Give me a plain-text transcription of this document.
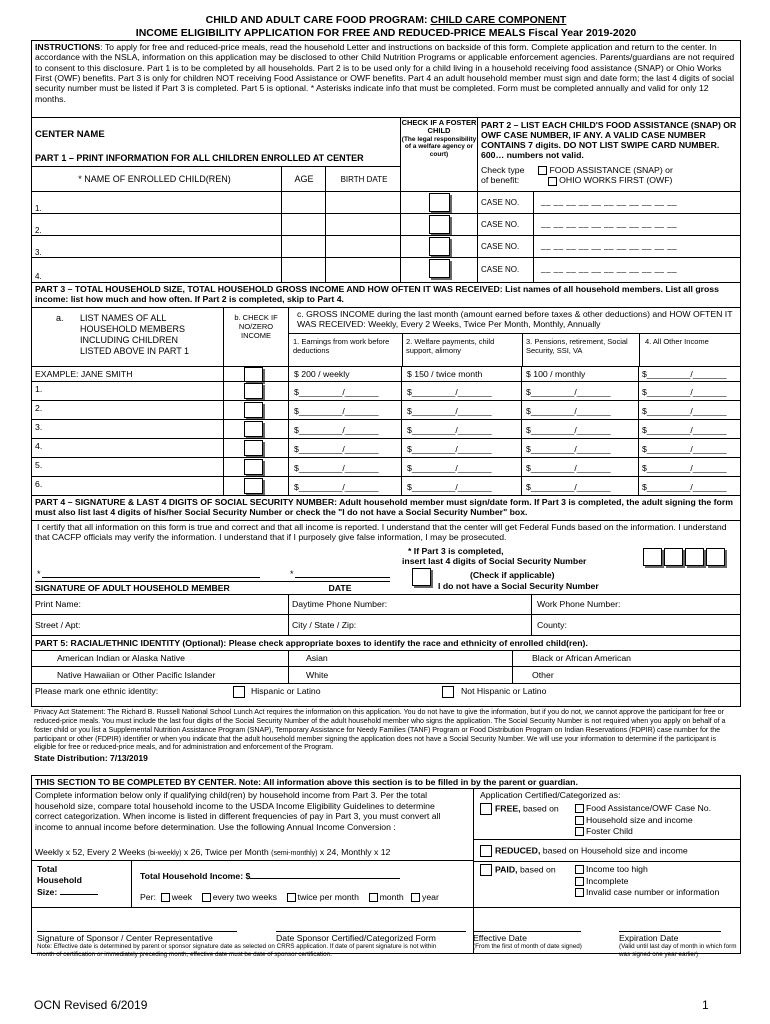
CHILD AND ADULT CARE FOOD PROGRAM: CHILD CARE COMPONENT
INCOME ELIGIBILITY APPLICATION FOR FREE AND REDUCED-PRICE MEALS Fiscal Year 2019-2020
INSTRUCTIONS: To apply for free and reduced-price meals, read the household Letter and instructions on backside of this form. Complete application and return to the center. In accordance with the NSLA, information on this application may be disclosed to other Child Nutrition Programs or applicable enforcement agencies. Parents/guardians are not required to consent to this disclosure. Part 1 is to be completed by all households. Part 2 is to be used only for a child living in a household receiving food assistance (SNAP) or Ohio Works First (OWF) benefits. Part 3 is only for children NOT receiving Food Assistance or OWF benefits. Part 4 an adult household member must sign and date form; the last 4 digits of social security number must be listed if Part 3 is completed. Part 5 is optional. * Asterisks indicate info that must be completed. Form must be completed annually and valid for only 12 months.
CENTER NAME
PART 1 – PRINT INFORMATION FOR ALL CHILDREN ENROLLED AT CENTER
* NAME OF ENROLLED CHILD(REN)	AGE	BIRTH DATE
1.
2.
3.
4.
CHECK IF A FOSTER CHILD
(The legal responsibility of a welfare agency or court)
PART 2 – LIST EACH CHILD'S FOOD ASSISTANCE (SNAP) OR OWF CASE NUMBER, IF ANY. A VALID CASE NUMBER CONTAINS 7 digits. DO NOT LIST SWIPE CARD NUMBER. 600… numbers not valid.
Check type	FOOD ASSISTANCE (SNAP) or
of benefit:	OHIO WORKS FIRST (OWF)
CASE NO.	__ __ __ __ __ __ __ __ __ __ __
CASE NO.	__ __ __ __ __ __ __ __ __ __ __
CASE NO.	__ __ __ __ __ __ __ __ __ __ __
CASE NO.	__ __ __ __ __ __ __ __ __ __ __
PART 3 – TOTAL HOUSEHOLD SIZE, TOTAL HOUSEHOLD GROSS INCOME AND HOW OFTEN IT WAS RECEIVED: List names of all household members. List all gross income: list how much and how often. If Part 2 is completed, skip to Part 4.
a. LIST NAMES OF ALL HOUSEHOLD MEMBERS INCLUDING CHILDREN LISTED ABOVE IN PART 1
b. CHECK IF NO/ZERO INCOME
c. GROSS INCOME during the last month (amount earned before taxes & other deductions) and HOW OFTEN IT WAS RECEIVED: Weekly, Every 2 Weeks, Twice Per Month, Monthly, Annually
1. Earnings from work before deductions
2. Welfare payments, child support, alimony
3. Pensions, retirement, Social Security, SSI, VA
4. All Other Income
EXAMPLE: JANE SMITH	$ 200 / weekly	$ 150 / twice month	$ 100 / monthly	$_________/_______
1.	$_________/_______	$_________/_______	$_________/_______	$_________/_______
2.	$_________/_______	$_________/_______	$_________/_______	$_________/_______
3.	$_________/_______	$_________/_______	$_________/_______	$_________/_______
4.	$_________/_______	$_________/_______	$_________/_______	$_________/_______
5.	$_________/_______	$_________/_______	$_________/_______	$_________/_______
6.	$_________/_______	$_________/_______	$_________/_______	$_________/_______
PART 4 – SIGNATURE & LAST 4 DIGITS OF SOCIAL SECURITY NUMBER: Adult household member must sign/date form. If Part 3 is completed, the adult signing the form must also list last 4 digits of his/her Social Security Number or check the "I do not have a Social Security Number" box.
I certify that all information on this form is true and correct and that all income is reported. I understand that the center will get Federal Funds based on the information. I understand that CACFP officials may verify the information. I understand that if I purposely give false information, I may be prosecuted.
* If Part 3 is completed,
insert last 4 digits of Social Security Number
*	*
SIGNATURE OF ADULT HOUSEHOLD MEMBER	DATE
(Check if applicable)
I do not have a Social Security Number
Print Name:	Daytime Phone Number:	Work Phone Number:
Street / Apt:	City / State / Zip:	County:
PART 5: RACIAL/ETHNIC IDENTITY (Optional): Please check appropriate boxes to identify the race and ethnicity of enrolled child(ren).
American Indian or Alaska Native	Asian	Black or African American
Native Hawaiian or Other Pacific Islander	White	Other
Please mark one ethnic identity:	Hispanic or Latino	Not Hispanic or Latino
Privacy Act Statement: The Richard B. Russell National School Lunch Act requires the information on this application. You do not have to give the information, but if you do not, we cannot approve the participant for free or reduced-price meals. You must include the last four digits of the Social Security Number of the adult household member who signs the application. The Social Security Number is not required when you apply on behalf of a foster child or you list a Supplemental Nutrition Assistance Program (SNAP), Temporary Assistance for Needy Families (TANF) Program or Food Distribution Program on Indian Reservations (FDPIR) case number for the participant or other (FDPIR) identifier or when you indicate that the adult household member signing the application does not have a Social Security Number. We will use your information to determine if the participant is eligible for free or reduced-price meals, and for administration and enforcement of the Program.
State Distribution: 7/13/2019
THIS SECTION TO BE COMPLETED BY CENTER. Note: All information above this section is to be filled in by the parent or guardian.
Complete information below only if qualifying child(ren) by household income from Part 3. Per the total household size, compare total household income to the USDA Income Eligibility Guidelines to determine correct categorization. When income is listed in different frequencies of pay in Part 3, you must convert all income to annual income before determination. Use the following Annual Income Conversion :
Weekly x 52, Every 2 Weeks (bi-weekly) x 26, Twice per Month (semi-monthly) x 24, Monthly x 12
Application Certified/Categorized as:
FREE, based on	Food Assistance/OWF Case No.
Household size and income
Foster Child
REDUCED, based on Household size and income
PAID, based on	Income too high
Incomplete
Invalid case number or information
Total
Household
Size:
Total Household Income: $
Per: week every two weeks twice per month month year
Signature of Sponsor / Center Representative	Date Sponsor Certified/Categorized Form	Effective Date	Expiration Date
(From the first of month of date signed)	(Valid until last day of month in which form was signed one year earlier)
Note: Effective date is determined by parent or sponsor signature date as selected on CRRS application. If date of parent signature is not within month of certification or immediately preceding month, effective date must be date of sponsor certification.
OCN Revised 6/2019	1
